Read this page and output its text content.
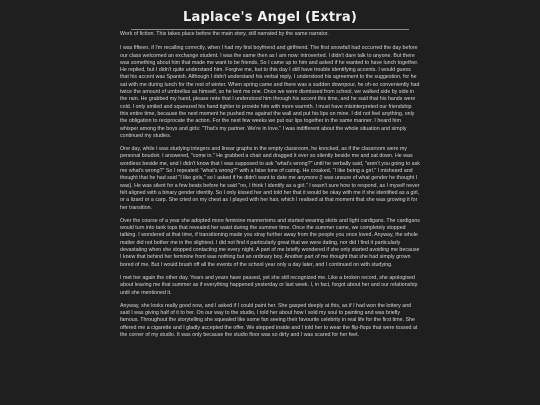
Laplace's Angel (Extra)

Work of fiction. This takes place before the main story, still narrated by the same narrator.

I was fifteen, if I'm recalling correctly, when I had my first boyfriend and girlfriend. The first snowfall had occurred the day before our class welcomed an exchange student. I was the same then as I am now: introverted. I didn't dare talk to anyone. But there was something about him that made me want to be friends. So I came up to him and asked if he wanted to have lunch together. He replied, but I didn't quite understand him. Forgive me, but to this day I still have trouble identifying accents. I would guess that his accent was Spanish. Although I didn't understand his verbal reply, I understood his agreement to the suggestion, for he sat with me during lunch for the rest of winter. When spring came and there was a sudden downpour, he oh-so conveniently had twice the amount of umbrellas as himself, so he lent me one. Once we were dismissed from school, we walked side by side in the rain. He grabbed my hand, please note that I understood him through his accent this time, and he said that his hands were cold. I only smiled and squeezed his hand tighter to provide him with more warmth. I must have misinterpreted our friendship this entire time, because the next moment he pushed me against the wall and put his lips on mine. I did not feel anything, only the obligation to reciprocate the action. For the next few weeks we put our lips together in the same manner. I heard him whisper among the boys and girls: "That's my partner. We're in love." I was indifferent about the whole situation and simply continued my studies.

One day, while I was studying integers and linear graphs in the empty classroom, he knocked, as if the classroom were my personal boudoir. I answered, "come in." He grabbed a chair and dragged it ever so silently beside me and sat down. He was wordless beside me, and I didn't know that I was supposed to ask "what's wrong?" until he verbally said, "aren't you going to ask me what's wrong?" So I repeated: "what's wrong?" with a false tone of caring. He croaked, "I like being a girl." I misheard and thought that he had said "I like girls," so I asked if he didn't want to date me anymore (I was unsure of what gender he thought I was). He was silent for a few beats before he said "no, I think I identify as a girl." I wasn't sure how to respond, as I myself never felt aligned with a binary gender identity. So I only kissed her and told her that it would be okay with me if she identified as a girl, or a lizard or a carp. She cried on my chest as I played with her hair, which I realised at that moment that she was growing it for her transition.

Over the course of a year she adopted more feminine mannerisms and started wearing skirts and light cardigans. The cardigans would turn into tank tops that revealed her waist during the summer time. Once the summer came, we completely stopped talking. I wondered at that time, if transitioning made you stray further away from the people you once loved. Anyway, the whole matter did not bother me in the slightest. I did not find it particularly great that we were dating, nor did I find it particularly devastating when she stopped contacting me every night. A part of me briefly wondered if she only started avoiding me because I knew that behind her feminine front was nothing but an ordinary boy. Another part of me thought that she had simply grown bored of me. But I would brush off all the events of the school year only a day later, and I continued on with studying.

I met her again the other day. Years and years have passed, yet she still recognized me. Like a broken record, she apologised about leaving me that summer as if everything happened yesterday or last week. I, in fact, forgot about her and our relationship until she mentioned it.

Anyway, she looks really good now, and I asked if I could paint her. She gasped deeply at this, as if I had won the lottery and said I was giving half of it to her. On our way to the studio, I told her about how I sold my soul to painting and was briefly famous. Throughout the storytelling she squealed like some fan seeing their favourite celebrity in real life for the first time. She offered me a cigarette and I gladly accepted the offer. We stepped inside and I told her to wear the flip-flops that were tossed at the corner of my studio. It was only because the studio floor was so dirty and I was scared for her feet.
